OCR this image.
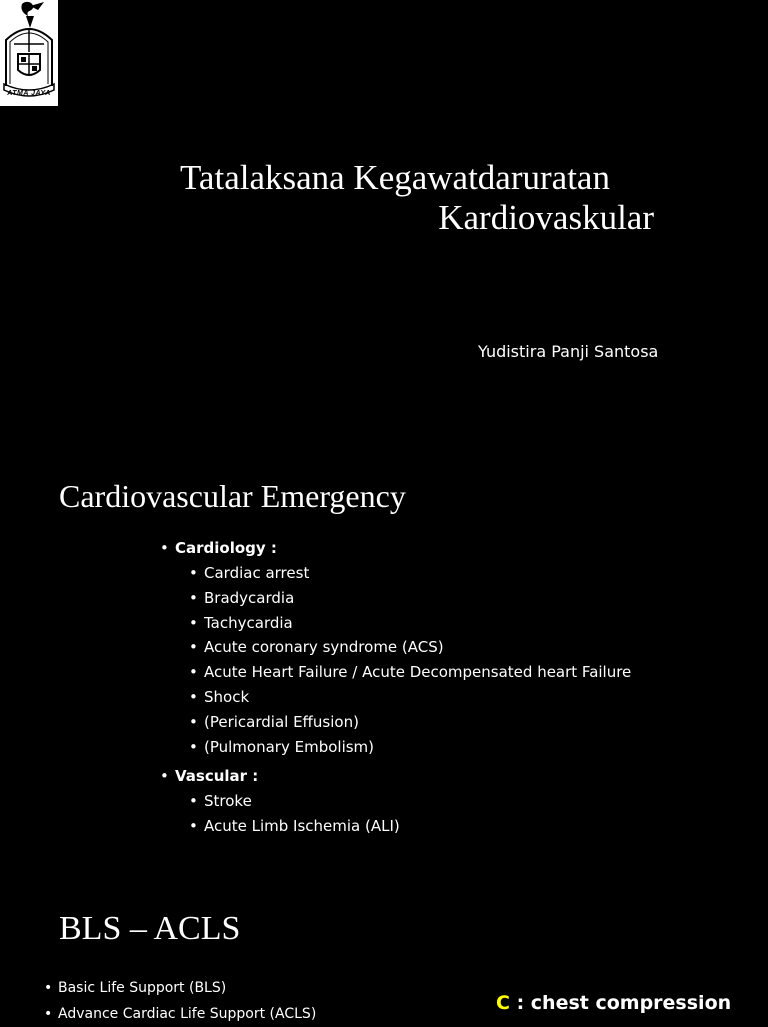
ATMA JAYA
Tatalaksana Kegawatdaruratan
Kardiovaskular
Yudistira Panji Santosa
Cardiovascular Emergency
• Cardiology :
• Cardiac arrest
• Bradycardia
• Tachycardia
• Acute coronary syndrome (ACS)
• Acute Heart Failure / Acute Decompensated heart Failure
• Shock
• (Pericardial Effusion)
• (Pulmonary Embolism)
• Vascular :
• Stroke
• Acute Limb Ischemia (ALI)
BLS – ACLS
• Basic Life Support (BLS)
• Advance Cardiac Life Support (ACLS)	C : chest compression
